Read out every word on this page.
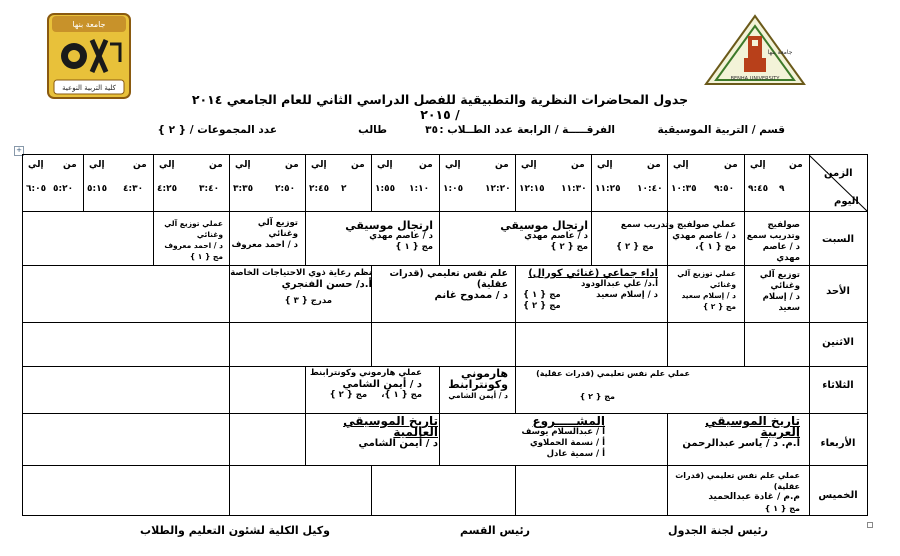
كلية التربية النوعية
جامعة بنها
BENHA UNIVERSITY
جامعة بنها
جدول المحاضرات النظرية والتطبيقية للفصل الدراسي الثاني للعام الجامعي ٢٠١٤ / ٢٠١٥
قسم / التربية الموسيقية
الفرقـــــة / الرابعة
عدد الطــلاب :
٣٥
طالب
عدد المجموعات / { ٢ }
+
الزمن
اليوم
من
إلي
٩
٩:٤٥
من
إلي
٩:٥٠
١٠:٣٥
من
إلي
١٠:٤٠
١١:٢٥
من
إلي
١١:٣٠
١٢:١٥
من
إلي
١٢:٢٠
١:٠٥
من
إلي
١:١٠
١:٥٥
من
إلي
٢
٢:٤٥
من
إلي
٢:٥٠
٣:٣٥
من
إلي
٣:٤٠
٤:٢٥
من
إلي
٤:٣٠
٥:١٥
من
إلي
٥:٢٠
٦:٠٥
السبت
الأحد
الاثنين
الثلاثاء
الأربعاء
الخميس
صولفيج
وتدريب سمع
د / عاصم مهدي
عملي صولفيج وتدريب سمع
د / عاصم مهدي
مج { ١ }،
مج { ٢ }
ارتجال موسيقي
د / عاصم مهدي
مج { ٢ }
ارتجال موسيقي
د / عاصم مهدي
مج { ١ }
توزيع آلي
وغنائي
د / احمد معروف
عملي توزيع آلي
وغنائي
د / احمد معروف
مج { ١ }
توزيع آلي
وغنائي
د / إسلام سعيد
عملي توزيع آلي
وغنائي
د / إسلام سعيد
مج { ٢ }
اداء جماعي (غنائي كورال)
أ.د/ علي عبدالودود
د / إسلام سعيد
مج { ١ }
مج { ٢ }
علم نفس تعليمي (قدرات عقلية)
د / ممدوح غانم
نظم رعاية ذوي الاحتياجات الخاصة
أ.د/ حسن الفنجري
مدرج { ٣ }
عملي علم نفس تعليمي (قدرات عقلية)
مج { ٢ }
هارموني
وكونترابنط
د / أيمن الشامي
عملي هارموني وكونترابنط
د / أيمن الشامي
مج { ١ }،
مج { ٢ }
تاريخ الموسيقي العربية
أ.م. د / ياسر عبدالرحمن
المشـــــروع
أ / عبدالسلام يوسف
أ / نسمة الحملاوي
أ / سمية عادل
تاريخ الموسيقي العالمية
د / أيمن الشامي
عملي علم نفس تعليمي (قدرات عقلية)
م.م / غادة عبدالحميد
مج { ١ }
رئيس لجنة الجدول
رئيس القسم
وكيل الكلية لشئون التعليم والطلاب
